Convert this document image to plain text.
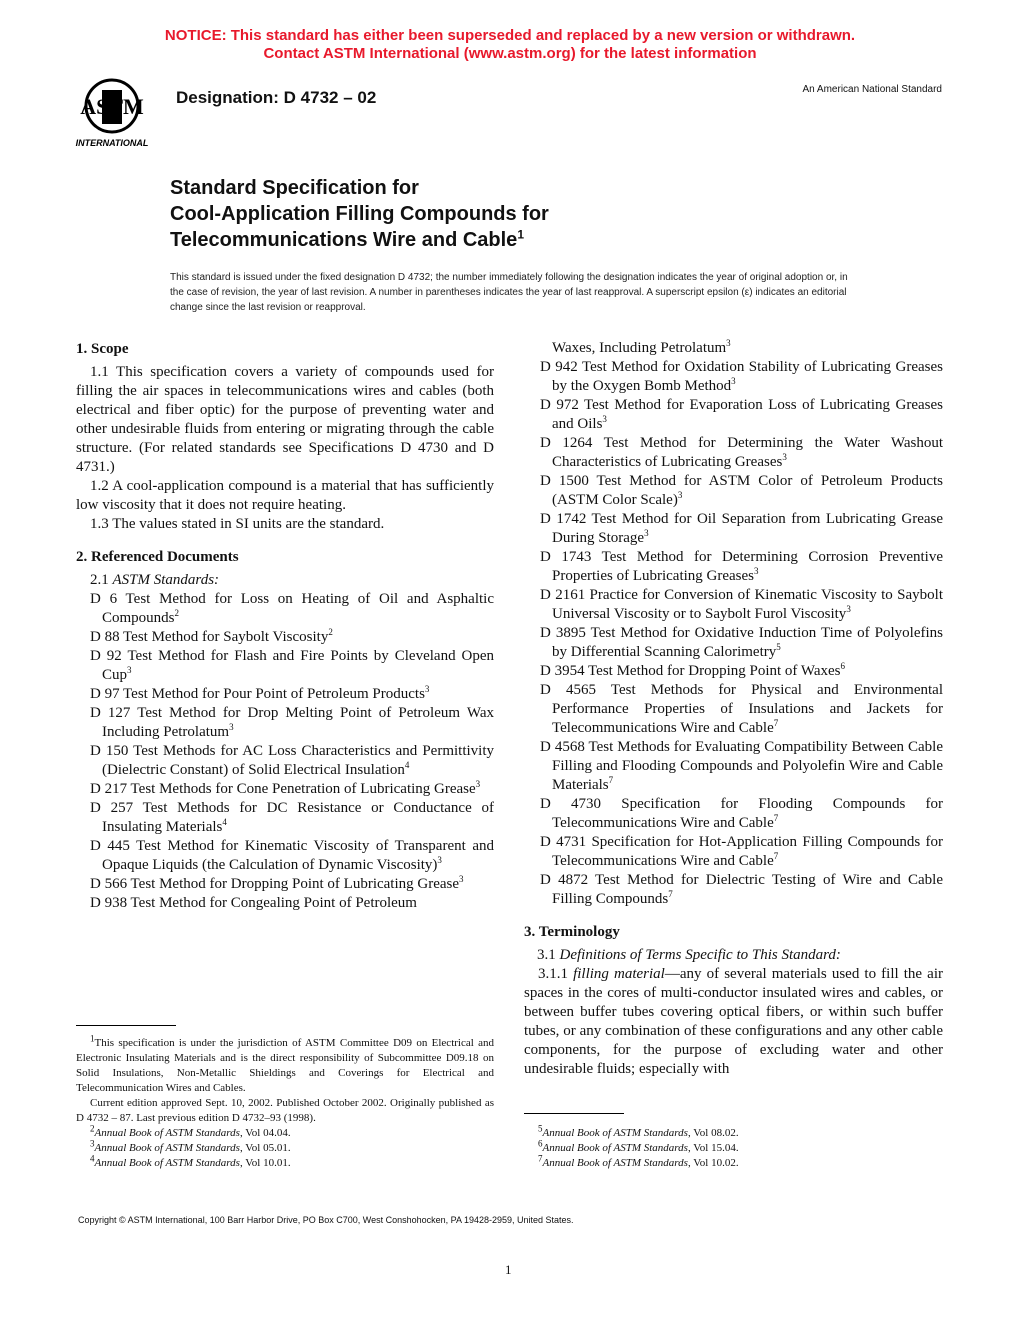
NOTICE: This standard has either been superseded and replaced by a new version or withdrawn.
Contact ASTM International (www.astm.org) for the latest information
ASTM
INTERNATIONAL
Designation: D 4732 – 02	An American National Standard
Standard Specification for
Cool-Application Filling Compounds for
Telecommunications Wire and Cable$^1$
This standard is issued under the fixed designation D 4732; the number immediately following the designation indicates the year of original adoption or, in the case of revision, the year of last revision. A number in parentheses indicates the year of last reapproval. A superscript epsilon (ε) indicates an editorial change since the last revision or reapproval.

1. Scope

1.1 This specification covers a variety of compounds used for filling the air spaces in telecommunications wires and cables (both electrical and fiber optic) for the purpose of preventing water and other undesirable fluids from entering or migrating through the cable structure. (For related standards see Specifications D 4730 and D 4731.)

1.2 A cool-application compound is a material that has sufficiently low viscosity that it does not require heating.

1.3 The values stated in SI units are the standard.

2. Referenced Documents

2.1 ASTM Standards:

D 6 Test Method for Loss on Heating of Oil and Asphaltic Compounds$^2$

D 88 Test Method for Saybolt Viscosity$^2$

D 92 Test Method for Flash and Fire Points by Cleveland Open Cup$^3$

D 97 Test Method for Pour Point of Petroleum Products$^3$

D 127 Test Method for Drop Melting Point of Petroleum Wax Including Petrolatum$^3$

D 150 Test Methods for AC Loss Characteristics and Permittivity (Dielectric Constant) of Solid Electrical Insulation$^4$

D 217 Test Methods for Cone Penetration of Lubricating Grease$^3$

D 257 Test Methods for DC Resistance or Conductance of Insulating Materials$^4$

D 445 Test Method for Kinematic Viscosity of Transparent and Opaque Liquids (the Calculation of Dynamic Viscosity)$^3$

D 566 Test Method for Dropping Point of Lubricating Grease$^3$

D 938 Test Method for Congealing Point of Petroleum

Waxes, Including Petrolatum$^3$

D 942 Test Method for Oxidation Stability of Lubricating Greases by the Oxygen Bomb Method$^3$

D 972 Test Method for Evaporation Loss of Lubricating Greases and Oils$^3$

D 1264 Test Method for Determining the Water Washout Characteristics of Lubricating Greases$^3$

D 1500 Test Method for ASTM Color of Petroleum Products (ASTM Color Scale)$^3$

D 1742 Test Method for Oil Separation from Lubricating Grease During Storage$^3$

D 1743 Test Method for Determining Corrosion Preventive Properties of Lubricating Greases$^3$

D 2161 Practice for Conversion of Kinematic Viscosity to Saybolt Universal Viscosity or to Saybolt Furol Viscosity$^3$

D 3895 Test Method for Oxidative Induction Time of Polyolefins by Differential Scanning Calorimetry$^5$

D 3954 Test Method for Dropping Point of Waxes$^6$

D 4565 Test Methods for Physical and Environmental Performance Properties of Insulations and Jackets for Telecommunications Wire and Cable$^7$

D 4568 Test Methods for Evaluating Compatibility Between Cable Filling and Flooding Compounds and Polyolefin Wire and Cable Materials$^7$

D 4730 Specification for Flooding Compounds for Telecommunications Wire and Cable$^7$

D 4731 Specification for Hot-Application Filling Compounds for Telecommunications Wire and Cable$^7$

D 4872 Test Method for Dielectric Testing of Wire and Cable Filling Compounds$^7$

3. Terminology

3.1 Definitions of Terms Specific to This Standard:

3.1.1 filling material—any of several materials used to fill the air spaces in the cores of multi-conductor insulated wires and cables, or between buffer tubes covering optical fibers, or within such buffer tubes, or any combination of these configurations and any other cable components, for the purpose of excluding water and other undesirable fluids; especially with

$^1$This specification is under the jurisdiction of ASTM Committee D09 on Electrical and Electronic Insulating Materials and is the direct responsibility of Subcommittee D09.18 on Solid Insulations, Non-Metallic Shieldings and Coverings for Electrical and Telecommunication Wires and Cables.

Current edition approved Sept. 10, 2002. Published October 2002. Originally published as D 4732 – 87. Last previous edition D 4732–93 (1998).

$^2$Annual Book of ASTM Standards, Vol 04.04.

$^3$Annual Book of ASTM Standards, Vol 05.01.

$^4$Annual Book of ASTM Standards, Vol 10.01.

$^5$Annual Book of ASTM Standards, Vol 08.02.

$^6$Annual Book of ASTM Standards, Vol 15.04.

$^7$Annual Book of ASTM Standards, Vol 10.02.

Copyright © ASTM International, 100 Barr Harbor Drive, PO Box C700, West Conshohocken, PA 19428-2959, United States.
1
